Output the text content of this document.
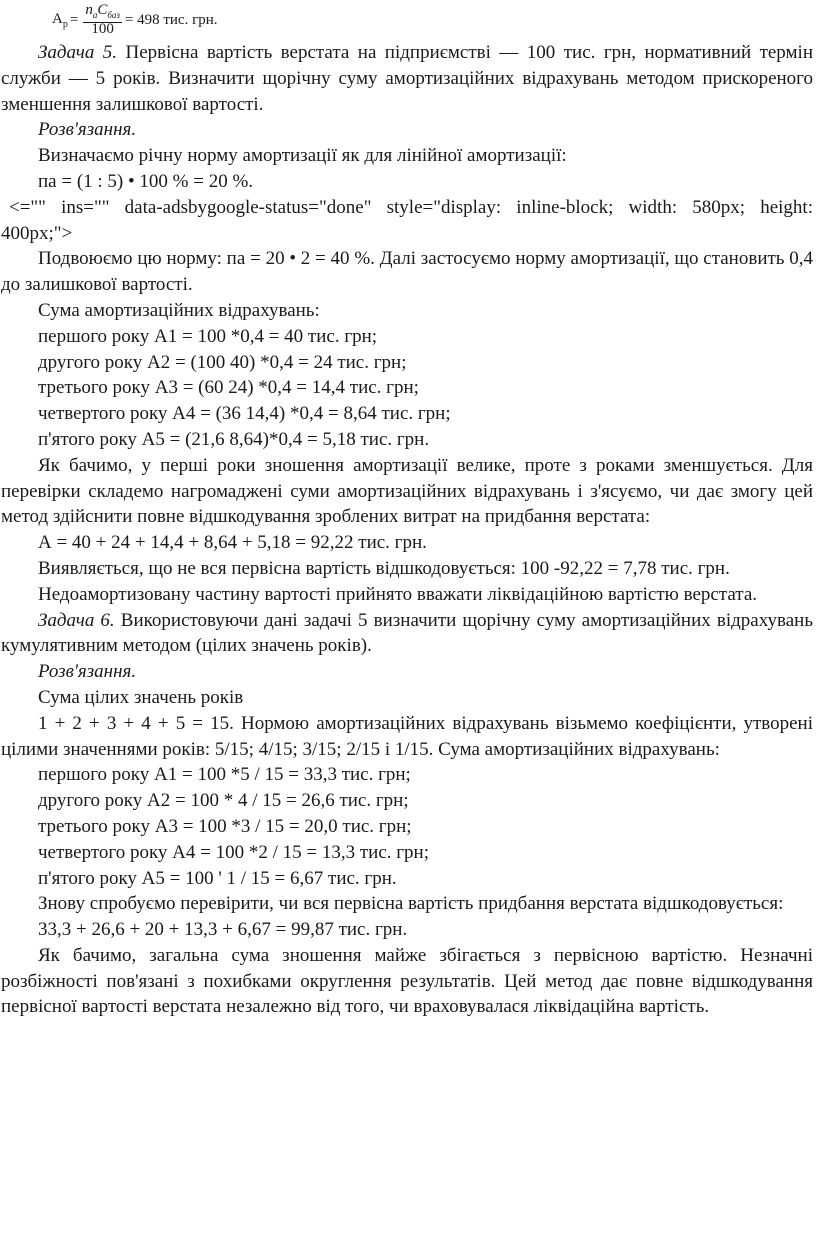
$A_p = \frac{n_aC_{баз}}{100} = 498$ тис. грн.

Задача 5. Первісна вартість верстата на підприємстві — 100 тис. грн, нормативний термін служби — 5 років. Визначити щорічну суму амортизаційних відрахувань методом прискореного зменшення залишкової вартості.

Розв'язання.

Визначаємо річну норму амортизації як для лінійної амортизації:

па = (1 : 5) • 100 % = 20 %.

<="" ins="" data-adsbygoogle-status="done" style="display: inline-block; width: 580px; height: 400px;">

Подвоюємо цю норму: па = 20 • 2 = 40 %. Далі застосуємо норму амортизації, що становить 0,4 до залишкової вартості.

Сума амортизаційних відрахувань:

першого року А1 = 100 *0,4 = 40 тис. грн;

другого року А2 = (100 40) *0,4 = 24 тис. грн;

третього року А3 = (60 24) *0,4 = 14,4 тис. грн;

четвертого року А4 = (36 14,4) *0,4 = 8,64 тис. грн;

п'ятого року А5 = (21,6 8,64)*0,4 = 5,18 тис. грн.

Як бачимо, у перші роки зношення амортизації велике, проте з роками зменшується. Для перевірки складемо нагромаджені суми амортизаційних відрахувань і з'ясуємо, чи дає змогу цей метод здійснити повне відшкодування зроблених витрат на придбання верстата:

А = 40 + 24 + 14,4 + 8,64 + 5,18 = 92,22 тис. грн.

Виявляється, що не вся первісна вартість відшкодовується: 100 -92,22 = 7,78 тис. грн.

Недоамортизовану частину вартості прийнято вважати ліквідаційною вартістю верстата.

Задача 6. Використовуючи дані задачі 5 визначити щорічну суму амортизаційних відрахувань кумулятивним методом (цілих значень років).

Розв'язання.

Сума цілих значень років

1 + 2 + 3 + 4 + 5 = 15. Нормою амортизаційних відрахувань візьмемо коефіцієнти, утворені цілими значеннями років: 5/15; 4/15; 3/15; 2/15 і 1/15. Сума амортизаційних відрахувань:

першого року А1 = 100 *5 / 15 = 33,3 тис. грн;

другого року А2 = 100 * 4 / 15 = 26,6 тис. грн;

третього року А3 = 100 *3 / 15 = 20,0 тис. грн;

четвертого року А4 = 100 *2 / 15 = 13,3 тис. грн;

п'ятого року А5 = 100 ' 1 / 15 = 6,67 тис. грн.

Знову спробуємо перевірити, чи вся первісна вартість придбання верстата відшкодовується:

33,3 + 26,6 + 20 + 13,3 + 6,67 = 99,87 тис. грн.

Як бачимо, загальна сума зношення майже збігається з первісною вартістю. Незначні розбіжності пов'язані з похибками округлення результатів. Цей метод дає повне відшкодування первісної вартості верстата незалежно від того, чи враховувалася ліквідаційна вартість.
